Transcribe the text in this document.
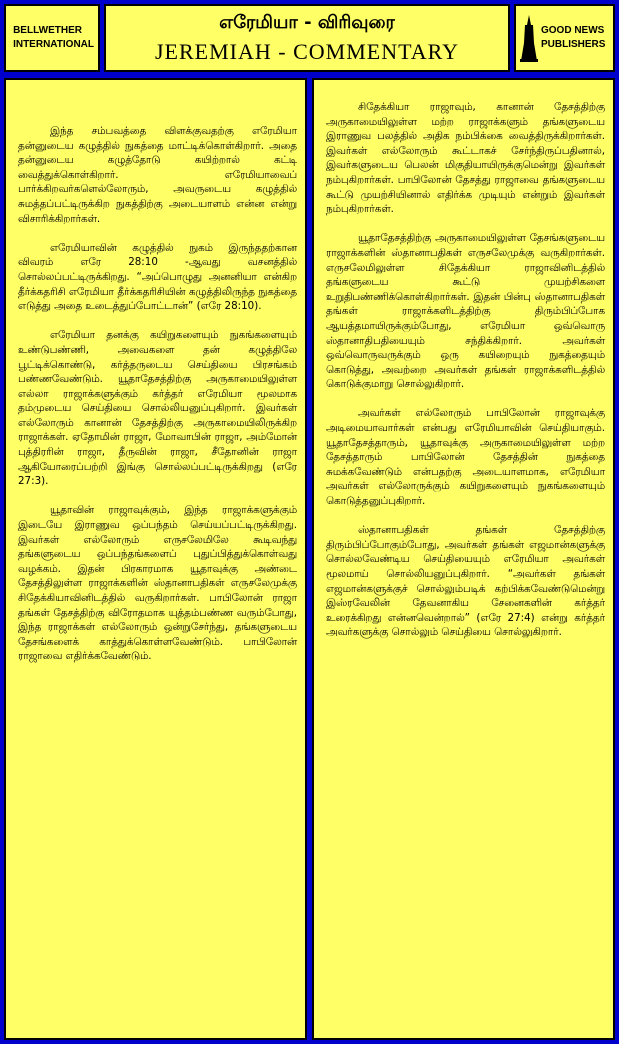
BELLWETHER
INTERNATIONAL
எரேமியா - விரிவுரை
JEREMIAH - COMMENTARY
GOOD NEWS
PUBLISHERS

இந்த சம்பவத்தை விளக்குவதற்கு எரேமியா தன்னுடைய கழுத்தில் நுகத்தை மாட்டிக்கொள்கிறார். அதை தன்னுடைய கழுத்தோடு கயிற்றால் கட்டி வைத்துக்கொள்கிறார். எரேமியாவைப் பார்க்கிறவர்களெல்லோரும், அவருடைய கழுத்தில் சுமத்தப்பட்டிருக்கிற நுகத்திற்கு அடையாளம் என்ன என்று விசாரிக்கிறார்கள்.

எரேமியாவின் கழுத்தில் நுகம் இருந்ததற்கான விவரம் எரே 28:10 -ஆவது வசனத்தில் சொல்லப்பட்டிருக்கிறது. “அப்பொழுது அனனியா என்கிற தீர்க்கதரிசி எரேமியா தீர்க்கதரிசியின் கழுத்திலிருந்த நுகத்தை எடுத்து அதை உடைத்துப்போட்டான்” (எரே 28:10).

எரேமியா தனக்கு கயிறுகளையும் நுகங்களையும் உண்டுபண்ணி, அவைகளை தன் கழுத்திலே பூட்டிக்கொண்டு, கர்த்தருடைய செய்தியை பிரசங்கம் பண்ணவேண்டும். யூதாதேசத்திற்கு அருகாமையிலுள்ள எல்லா ராஜாக்களுக்கும் கர்த்தர் எரேமியா மூலமாக தம்முடைய செய்தியை சொல்லியனுப்புகிறார். இவர்கள் எல்லோரும் கானான் தேசத்திற்கு அருகாமையிலிருக்கிற ராஜாக்கள். ஏதோமின் ராஜா, மோவாபின் ராஜா, அம்மோன் புத்திரரின் ராஜா, தீருவின் ராஜா, சீதோனின் ராஜா ஆகியோரைப்பற்றி இங்கு சொல்லப்பட்டிருக்கிறது (எரே 27:3).

யூதாவின் ராஜாவுக்கும், இந்த ராஜாக்களுக்கும் இடையே இராணுவ ஒப்பந்தம் செய்யப்பட்டிருக்கிறது. இவர்கள் எல்லோரும் எருசலேமிலே கூடிவந்து தங்களுடைய ஒப்பந்தங்களைப் புதுப்பித்துக்கொள்வது வழக்கம். இதன் பிரகாரமாக யூதாவுக்கு அண்டை தேசத்திலுள்ள ராஜாக்களின் ஸ்தானாபதிகள் எருசலேமுக்கு சிதேக்கியாவினிடத்தில் வருகிறார்கள். பாபிலோன் ராஜா தங்கள் தேசத்திற்கு விரோதமாக யுத்தம்பண்ண வரும்போது, இந்த ராஜாக்கள் எல்லோரும் ஒன்றுசேர்ந்து, தங்களுடைய தேசங்களைக் காத்துக்கொள்ளவேண்டும். பாபிலோன் ராஜாவை எதிர்க்கவேண்டும்.

சிதேக்கியா ராஜாவும், கானான் தேசத்திற்கு அருகாமையிலுள்ள மற்ற ராஜாக்களும் தங்களுடைய இராணுவ பலத்தில் அதிக நம்பிக்கை வைத்திருக்கிறார்கள். இவர்கள் எல்லோரும் கூட்டாகச் சேர்ந்திருப்பதினால், இவர்களுடைய பெலன் மிகுதியாயிருக்குமென்று இவர்கள் நம்புகிறார்கள். பாபிலோன் தேசத்து ராஜாவை தங்களுடைய கூட்டு முயற்சியினால் எதிர்க்க முடியும் என்றும் இவர்கள் நம்புகிறார்கள்.

யூதாதேசத்திற்கு அருகாமையிலுள்ள தேசங்களுடைய ராஜாக்களின் ஸ்தானாபதிகள் எருசலேமுக்கு வருகிறார்கள். எருசலேமிலுள்ள சிதேக்கியா ராஜாவினிடத்தில் தங்களுடைய கூட்டு முயற்சிகளை உறுதிபண்ணிக்கொள்கிறார்கள். இதன் பின்பு ஸ்தானாபதிகள் தங்கள் ராஜாக்களிடத்திற்கு திரும்பிப்போக ஆயத்தமாயிருக்கும்போது, எரேமியா ஒவ்வொரு ஸ்தானாதிபதியையும் சந்திக்கிறார். அவர்கள் ஒவ்வொருவருக்கும் ஒரு கயிறையும் நுகத்தையும் கொடுத்து, அவற்றை அவர்கள் தங்கள் ராஜாக்களிடத்தில் கொடுக்குமாறு சொல்லுகிறார்.

அவர்கள் எல்லோரும் பாபிலோன் ராஜாவுக்கு அடிமையாவார்கள் என்பது எரேமியாவின் செய்தியாகும். யூதாதேசத்தாரும், யூதாவுக்கு அருகாமையிலுள்ள மற்ற தேசத்தாரும் பாபிலோன் தேசத்தின் நுகத்தை சுமக்கவேண்டும் என்பதற்கு அடையாளமாக, எரேமியா அவர்கள் எல்லோருக்கும் கயிறுகளையும் நுகங்களையும் கொடுத்தனுப்புகிறார்.

ஸ்தானாபதிகள் தங்கள் தேசத்திற்கு திரும்பிப்போகும்போது, அவர்கள் தங்கள் எஜமான்களுக்கு சொல்லவேண்டிய செய்தியையும் எரேமியா அவர்கள் மூலமாய் சொல்லியனுப்புகிறார். “அவர்கள் தங்கள் எஜமான்களுக்குச் சொல்லும்படிக் கற்பிக்கவேண்டுமென்று இஸ்ரவேலின் தேவனாகிய சேனைகளின் கர்த்தர் உரைக்கிறது என்னவென்றால்” (எரே 27:4) என்று கர்த்தர் அவர்களுக்கு சொல்லும் செய்தியை சொல்லுகிறார்.
